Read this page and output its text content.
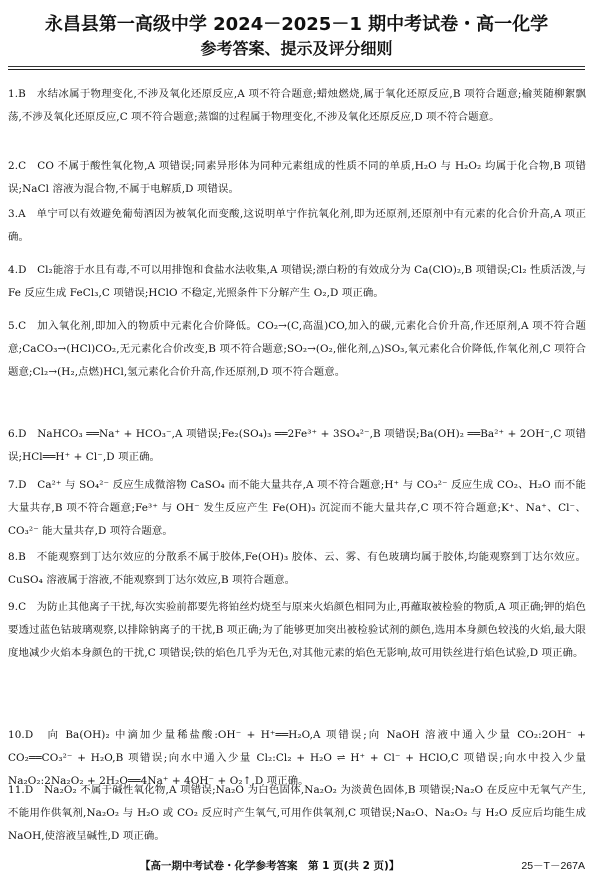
永昌县第一高级中学 2024－2025－1 期中考试卷・高一化学
参考答案、提示及评分细则
1.B　水结冰属于物理变化,不涉及氧化还原反应,A 项不符合题意;蜡烛燃烧,属于氧化还原反应,B 项符合题意;榆荚随柳絮飘荡,不涉及氧化还原反应,C 项不符合题意;蒸馏的过程属于物理变化,不涉及氧化还原反应,D 项不符合题意。
2.C　CO 不属于酸性氧化物,A 项错误;同素异形体为同种元素组成的性质不同的单质,H₂O 与 H₂O₂ 均属于化合物,B 项错误;NaCl 溶液为混合物,不属于电解质,D 项错误。
3.A　单宁可以有效避免葡萄酒因为被氧化而变酸,这说明单宁作抗氧化剂,即为还原剂,还原剂中有元素的化合价升高,A 项正确。
4.D　Cl₂能溶于水且有毒,不可以用排饱和食盐水法收集,A 项错误;漂白粉的有效成分为 Ca(ClO)₂,B 项错误;Cl₂ 性质活泼,与 Fe 反应生成 FeCl₃,C 项错误;HClO 不稳定,光照条件下分解产生 O₂,D 项正确。
5.C　加入氧化剂,即加入的物质中元素化合价降低。CO₂→(C,高温)CO,加入的碳,元素化合价升高,作还原剂,A 项不符合题意;CaCO₃→(HCl)CO₂,无元素化合价改变,B 项不符合题意;SO₂→(O₂,催化剂,△)SO₃,氧元素化合价降低,作氧化剂,C 项符合题意;Cl₂→(H₂,点燃)HCl,氢元素化合价升高,作还原剂,D 项不符合题意。
6.D　NaHCO₃ ══Na⁺ + HCO₃⁻,A 项错误;Fe₂(SO₄)₃ ══2Fe³⁺ + 3SO₄²⁻,B 项错误;Ba(OH)₂ ══Ba²⁺ + 2OH⁻,C 项错误;HCl══H⁺ + Cl⁻,D 项正确。
7.D　Ca²⁺ 与 SO₄²⁻ 反应生成微溶物 CaSO₄ 而不能大量共存,A 项不符合题意;H⁺ 与 CO₃²⁻ 反应生成 CO₂、H₂O 而不能大量共存,B 项不符合题意;Fe³⁺ 与 OH⁻ 发生反应产生 Fe(OH)₃ 沉淀而不能大量共存,C 项不符合题意;K⁺、Na⁺、Cl⁻、CO₃²⁻ 能大量共存,D 项符合题意。
8.B　不能观察到丁达尔效应的分散系不属于胶体,Fe(OH)₃ 胶体、云、雾、有色玻璃均属于胶体,均能观察到丁达尔效应。CuSO₄ 溶液属于溶液,不能观察到丁达尔效应,B 项符合题意。
9.C　为防止其他离子干扰,每次实验前都要先将铂丝灼烧至与原来火焰颜色相同为止,再蘸取被检验的物质,A 项正确;钾的焰色要透过蓝色钴玻璃观察,以排除钠离子的干扰,B 项正确;为了能够更加突出被检验试剂的颜色,选用本身颜色较浅的火焰,最大限度地减少火焰本身颜色的干扰,C 项错误;铁的焰色几乎为无色,对其他元素的焰色无影响,故可用铁丝进行焰色试验,D 项正确。
10.D　向 Ba(OH)₂ 中滴加少量稀盐酸:OH⁻ + H⁺══H₂O,A 项错误;向 NaOH 溶液中通入少量 CO₂:2OH⁻ + CO₂══CO₃²⁻ + H₂O,B 项错误;向水中通入少量 Cl₂:Cl₂ + H₂O ⇌ H⁺ + Cl⁻ + HClO,C 项错误;向水中投入少量 Na₂O₂:2Na₂O₂ + 2H₂O══4Na⁺ + 4OH⁻ + O₂↑,D 项正确。
11.D　Na₂O₂ 不属于碱性氧化物,A 项错误;Na₂O 为白色固体,Na₂O₂ 为淡黄色固体,B 项错误;Na₂O 在反应中无氧气产生,不能用作供氧剂,Na₂O₂ 与 H₂O 或 CO₂ 反应时产生氧气,可用作供氧剂,C 项错误;Na₂O、Na₂O₂ 与 H₂O 反应后均能生成 NaOH,使溶液呈碱性,D 项正确。
【高一期中考试卷・化学参考答案　第 1 页(共 2 页)】	25－T－267A
